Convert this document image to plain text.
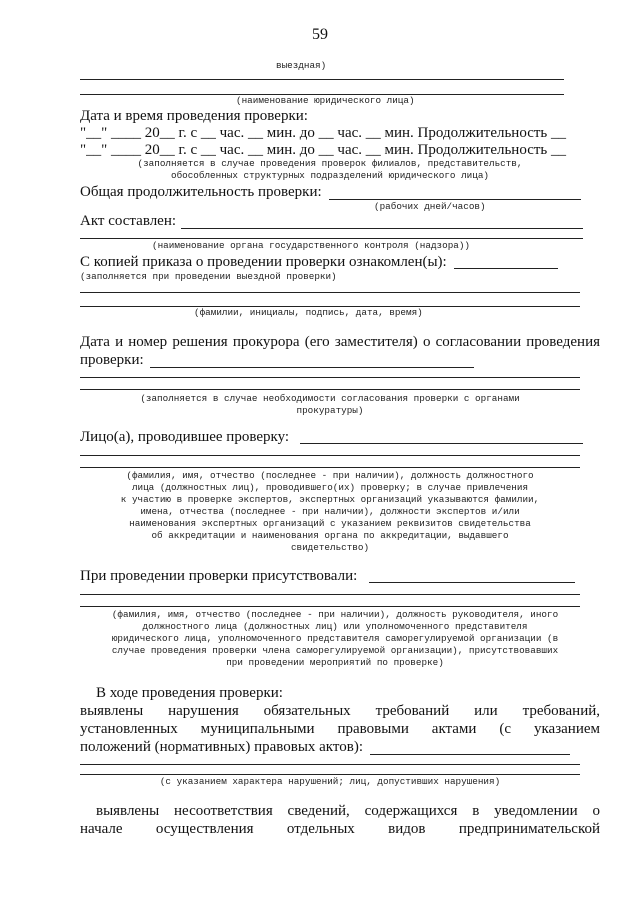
59
выездная)
(наименование юридического лица)
Дата и время проведения проверки:
"__" ____ 20__ г. с __ час. __ мин. до __ час. __ мин. Продолжительность __
"__" ____ 20__ г. с __ час. __ мин. до __ час. __ мин. Продолжительность __
(заполняется в случае проведения проверок филиалов, представительств,
обособленных структурных подразделений юридического лица)
Общая продолжительность проверки:
(рабочих дней/часов)
Акт составлен:
(наименование органа государственного контроля (надзора))
С копией приказа о проведении проверки ознакомлен(ы):
(заполняется при проведении выездной проверки)
(фамилии, инициалы, подпись, дата, время)
Дата и номер решения прокурора (его заместителя) о согласовании проведения
проверки:
(заполняется в случае необходимости согласования проверки с органами
прокуратуры)
Лицо(а), проводившее проверку:
(фамилия, имя, отчество (последнее - при наличии), должность должностного
лица (должностных лиц), проводившего(их) проверку; в случае привлечения
к участию в проверке экспертов, экспертных организаций указываются фамилии,
имена, отчества (последнее - при наличии), должности экспертов и/или
наименования экспертных организаций с указанием реквизитов свидетельства
об аккредитации и наименования органа по аккредитации, выдавшего
свидетельство)
При проведении проверки присутствовали:
(фамилия, имя, отчество (последнее - при наличии), должность руководителя, иного
должностного лица (должностных лиц) или уполномоченного представителя
юридического лица, уполномоченного представителя саморегулируемой организации (в
случае проведения проверки члена саморегулируемой организации), присутствовавших
при проведении мероприятий по проверке)
В ходе проведения проверки:
выявлены нарушения обязательных требований или требований,
установленных муниципальными правовыми актами (с указанием
положений (нормативных) правовых актов):
(с указанием характера нарушений; лиц, допустивших нарушения)
выявлены несоответствия сведений, содержащихся в уведомлении о
начале осуществления отдельных видов предпринимательской
